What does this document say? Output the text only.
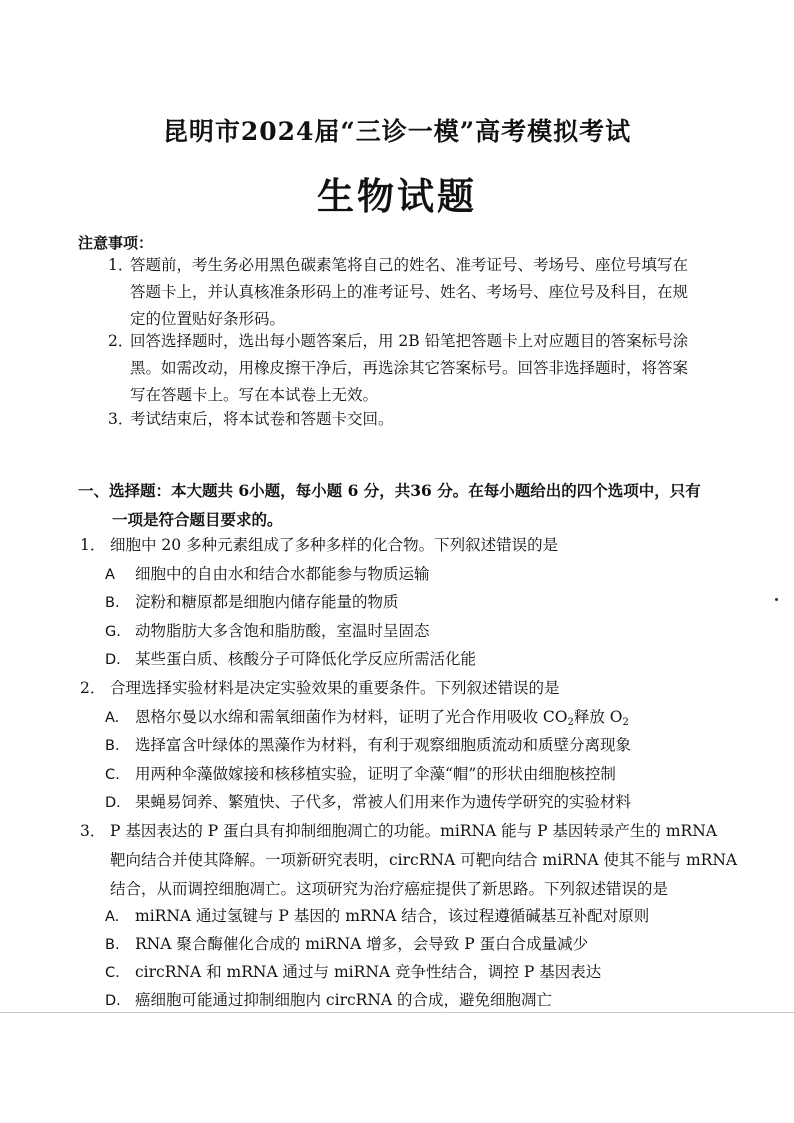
昆明市2024届“三诊一模”高考模拟考试
生物试题
注意事项：
1．答题前，考生务必用黑色碳素笔将自己的姓名、准考证号、考场号、座位号填写在
答题卡上，并认真核准条形码上的准考证号、姓名、考场号、座位号及科目，在规
定的位置贴好条形码。
2．回答选择题时，选出每小题答案后，用 2B 铅笔把答题卡上对应题目的答案标号涂
黑。如需改动，用橡皮擦干净后，再选涂其它答案标号。回答非选择题时，将答案
写在答题卡上。写在本试卷上无效。
3．考试结束后，将本试卷和答题卡交回。
一、选择题：本大题共 6小题，每小题 6 分，共36 分。在每小题给出的四个选项中，只有
一项是符合题目要求的。
1． 细胞中 20 多种元素组成了多种多样的化合物。下列叙述错误的是
A 细胞中的自由水和结合水都能参与物质运输
B. 淀粉和糖原都是细胞内储存能量的物质
G. 动物脂肪大多含饱和脂肪酸，室温时呈固态
D. 某些蛋白质、核酸分子可降低化学反应所需活化能
2． 合理选择实验材料是决定实验效果的重要条件。下列叙述错误的是
A. 恩格尔曼以水绵和需氧细菌作为材料，证明了光合作用吸收 $CO_2$释放 $O_2$
B. 选择富含叶绿体的黑藻作为材料，有利于观察细胞质流动和质壁分离现象
C. 用两种伞藻做嫁接和核移植实验，证明了伞藻“帽”的形状由细胞核控制
D. 果蝇易饲养、繁殖快、子代多，常被人们用来作为遗传学研究的实验材料
3． P 基因表达的 P 蛋白具有抑制细胞凋亡的功能。miRNA 能与 P 基因转录产生的 mRNA
靶向结合并使其降解。一项新研究表明，circRNA 可靶向结合 miRNA 使其不能与 mRNA
结合，从而调控细胞凋亡。这项研究为治疗癌症提供了新思路。下列叙述错误的是
A. miRNA 通过氢键与 P 基因的 mRNA 结合，该过程遵循碱基互补配对原则
B. RNA 聚合酶催化合成的 miRNA 增多，会导致 P 蛋白合成量减少
C. circRNA 和 mRNA 通过与 miRNA 竞争性结合，调控 P 基因表达
D. 癌细胞可能通过抑制细胞内 circRNA 的合成，避免细胞凋亡
